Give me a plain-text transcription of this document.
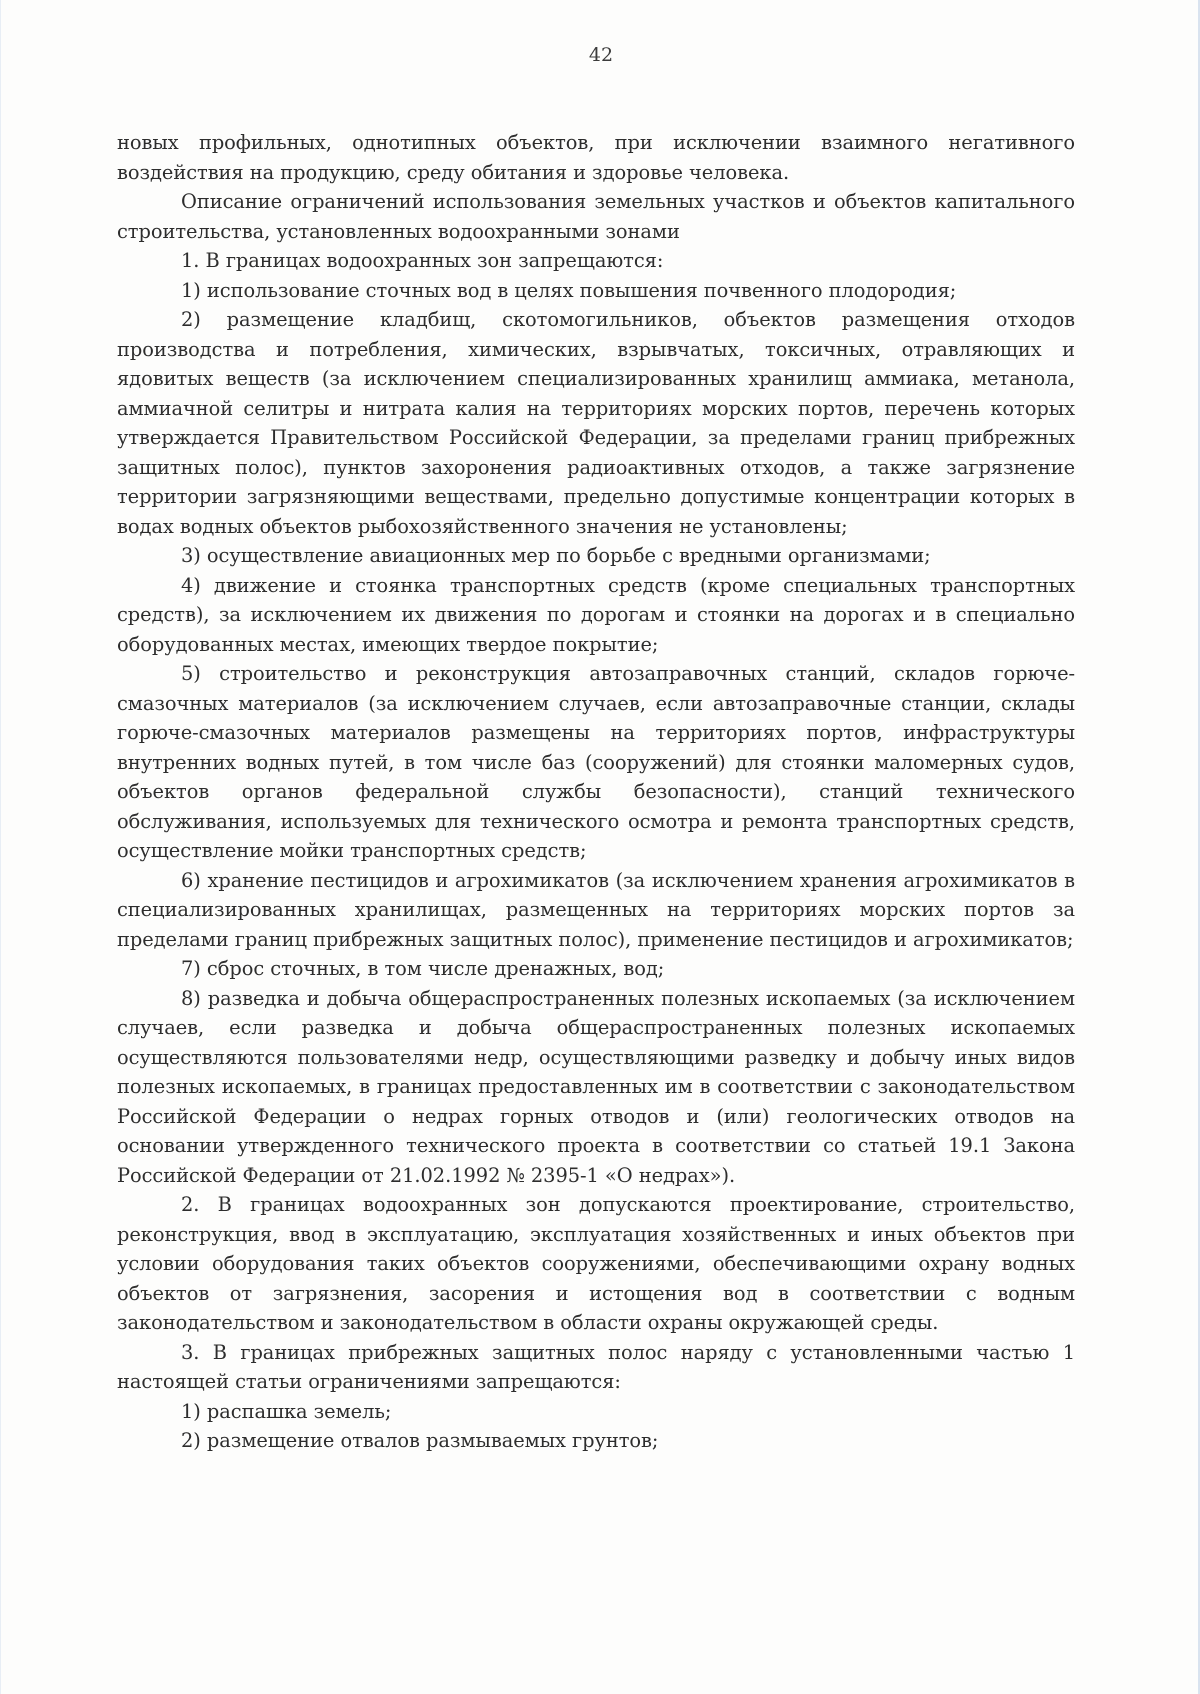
42

новых профильных, однотипных объектов, при исключении взаимного негативного воздействия на продукцию, среду обитания и здоровье человека.

Описание ограничений использования земельных участков и объектов капитального строительства, установленных водоохранными зонами

1. В границах водоохранных зон запрещаются:

1) использование сточных вод в целях повышения почвенного плодородия;

2) размещение кладбищ, скотомогильников, объектов размещения отходов производства и потребления, химических, взрывчатых, токсичных, отравляющих и ядовитых веществ (за исключением специализированных хранилищ аммиака, метанола, аммиачной селитры и нитрата калия на территориях морских портов, перечень которых утверждается Правительством Российской Федерации, за пределами границ прибрежных защитных полос), пунктов захоронения радиоактивных отходов, а также загрязнение территории загрязняющими веществами, предельно допустимые концентрации которых в водах водных объектов рыбохозяйственного значения не установлены;

3) осуществление авиационных мер по борьбе с вредными организмами;

4) движение и стоянка транспортных средств (кроме специальных транспортных средств), за исключением их движения по дорогам и стоянки на дорогах и в специально оборудованных местах, имеющих твердое покрытие;

5) строительство и реконструкция автозаправочных станций, складов горюче-смазочных материалов (за исключением случаев, если автозаправочные станции, склады горюче-смазочных материалов размещены на территориях портов, инфраструктуры внутренних водных путей, в том числе баз (сооружений) для стоянки маломерных судов, объектов органов федеральной службы безопасности), станций технического обслуживания, используемых для технического осмотра и ремонта транспортных средств, осуществление мойки транспортных средств;

6) хранение пестицидов и агрохимикатов (за исключением хранения агрохимикатов в специализированных хранилищах, размещенных на территориях морских портов за пределами границ прибрежных защитных полос), применение пестицидов и агрохимикатов;

7) сброс сточных, в том числе дренажных, вод;

8) разведка и добыча общераспространенных полезных ископаемых (за исключением случаев, если разведка и добыча общераспространенных полезных ископаемых осуществляются пользователями недр, осуществляющими разведку и добычу иных видов полезных ископаемых, в границах предоставленных им в соответствии с законодательством Российской Федерации о недрах горных отводов и (или) геологических отводов на основании утвержденного технического проекта в соответствии со статьей 19.1 Закона Российской Федерации от 21.02.1992 № 2395-1 «О недрах»).

2. В границах водоохранных зон допускаются проектирование, строительство, реконструкция, ввод в эксплуатацию, эксплуатация хозяйственных и иных объектов при условии оборудования таких объектов сооружениями, обеспечивающими охрану водных объектов от загрязнения, засорения и истощения вод в соответствии с водным законодательством и законодательством в области охраны окружающей среды.

3. В границах прибрежных защитных полос наряду с установленными частью 1 настоящей статьи ограничениями запрещаются:

1) распашка земель;

2) размещение отвалов размываемых грунтов;
